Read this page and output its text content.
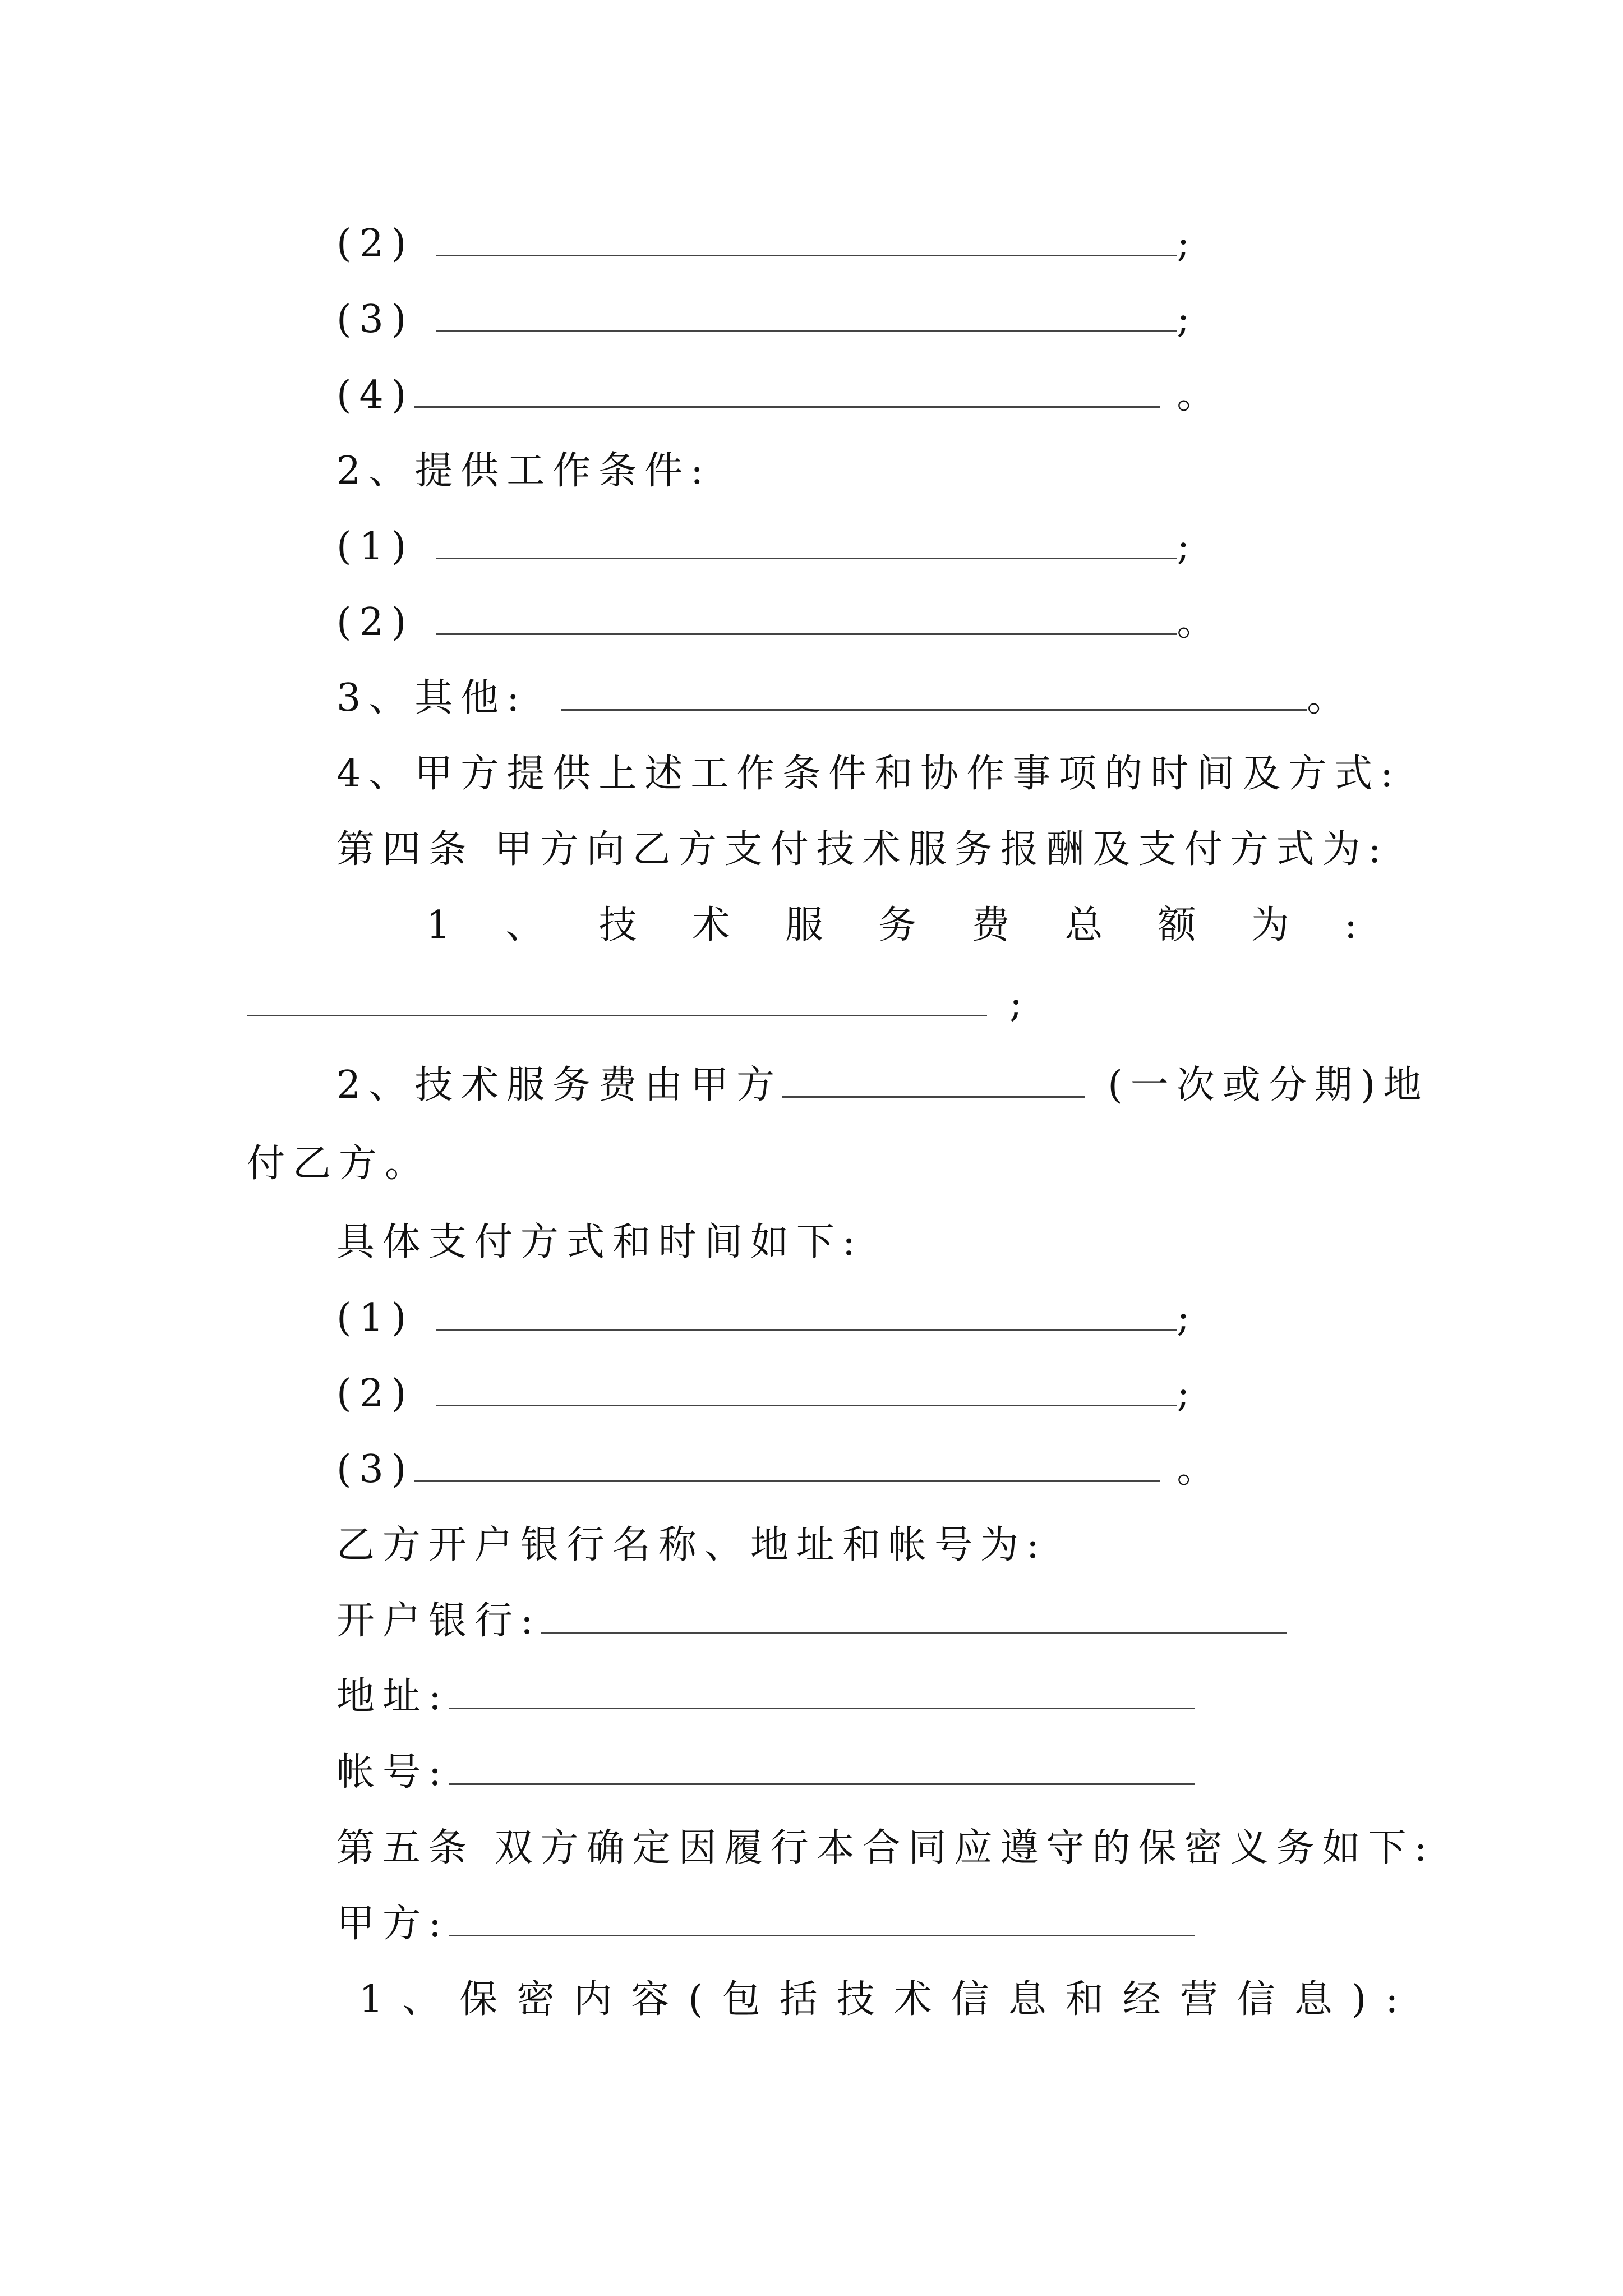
(2)	;
(3)	;
(4)	。
2、提供工作条件:
(1)	;
(2)	。
3、其他:	。
4、甲方提供上述工作条件和协作事项的时间及方式:
第四条 甲方向乙方支付技术服务报酬及支付方式为:
1 、 技 术 服 务 费 总 额 为 :
;
2、技术服务费由甲方	(一次或分期)地
付乙方。
具体支付方式和时间如下:
(1)	;
(2)	;
(3)	。
乙方开户银行名称、地址和帐号为:
开户银行:
地址:
帐号:
第五条 双方确定因履行本合同应遵守的保密义务如下:
甲方:
1、保密内容(包括技术信息和经营信息):
